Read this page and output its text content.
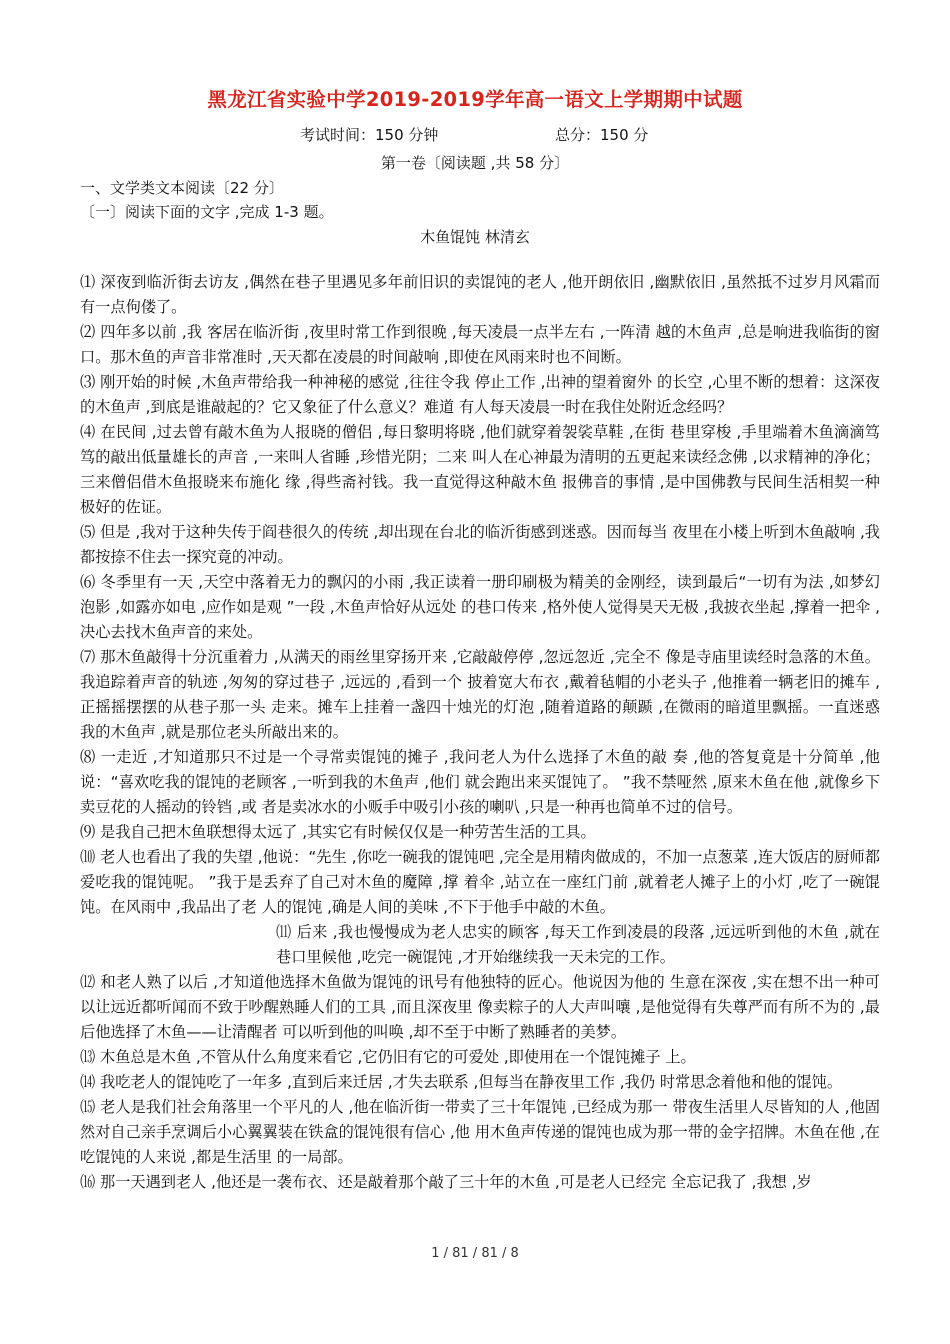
黑龙江省实验中学2019-2019学年高一语文上学期期中试题
考试时间：150 分钟	总分：150 分
第一卷〔阅读题 ,共 58 分〕
一、文学类文本阅读〔22 分〕
〔一〕阅读下面的文字 ,完成 1-3 题。
木鱼馄饨 林清玄

⑴ 深夜到临沂街去访友 ,偶然在巷子里遇见多年前旧识的卖馄饨的老人 ,他开朗依旧 ,幽默依旧 ,虽然抵不过岁月风霜而有一点佝偻了。

⑵ 四年多以前 ,我 客居在临沂街 ,夜里时常工作到很晚 ,每天凌晨一点半左右 ,一阵清 越的木鱼声 ,总是响进我临街的窗口。那木鱼的声音非常准时 ,天天都在凌晨的时间敲响 ,即使在风雨来时也不间断。

⑶ 刚开始的时候 ,木鱼声带给我一种神秘的感觉 ,往往令我 停止工作 ,出神的望着窗外 的长空 ,心里不断的想着：这深夜的木鱼声 ,到底是谁敲起的？它又象征了什么意义？难道 有人每天凌晨一时在我住处附近念经吗？

⑷ 在民间 ,过去曾有敲木鱼为人报晓的僧侣 ,每日黎明将晓 ,他们就穿着袈裟草鞋 ,在街 巷里穿梭 ,手里端着木鱼滴滴笃笃的敲出低量雄长的声音 ,一来叫人省睡 ,珍惜光阴；二来 叫人在心神最为清明的五更起来读经念佛 ,以求精神的净化；三来僧侣借木鱼报晓来布施化 缘 ,得些斋衬钱。我一直觉得这种敲木鱼 报佛音的事情 ,是中国佛教与民间生活相契一种 极好的佐证。

⑸ 但是 ,我对于这种失传于阎巷很久的传统 ,却出现在台北的临沂街感到迷惑。因而每当 夜里在小楼上听到木鱼敲响 ,我都按捺不住去一探究竟的冲动。

⑹ 冬季里有一天 ,天空中落着无力的飘闪的小雨 ,我正读着一册印刷极为精美的金刚经，读到最后“一切有为法 ,如梦幻泡影 ,如露亦如电 ,应作如是观 ”一段 ,木鱼声恰好从远处 的巷口传来 ,格外使人觉得昊天无极 ,我披衣坐起 ,撑着一把伞 ,决心去找木鱼声音的来处。

⑺ 那木鱼敲得十分沉重着力 ,从满天的雨丝里穿扬开来 ,它敲敲停停 ,忽远忽近 ,完全不 像是寺庙里读经时急落的木鱼。我追踪着声音的轨迹 ,匆匆的穿过巷子 ,远远的 ,看到一个 披着宽大布衣 ,戴着毡帽的小老头子 ,他推着一辆老旧的摊车 ,正摇摇摆摆的从巷子那一头 走来。摊车上挂着一盏四十烛光的灯泡 ,随着道路的颠踬 ,在微雨的暗道里飘摇。一直迷惑 我的木鱼声 ,就是那位老头所敲出来的。

⑻ 一走近 ,才知道那只不过是一个寻常卖馄饨的摊子 ,我问老人为什么选择了木鱼的敲 奏 ,他的答复竟是十分简单 ,他说：“喜欢吃我的馄饨的老顾客 ,一听到我的木鱼声 ,他们 就会跑出来买馄饨了。 ”我不禁哑然 ,原来木鱼在他 ,就像乡下卖豆花的人摇动的铃铛 ,或 者是卖冰水的小贩手中吸引小孩的喇叭 ,只是一种再也简单不过的信号。

⑼ 是我自己把木鱼联想得太远了 ,其实它有时候仅仅是一种劳苦生活的工具。

⑽ 老人也看出了我的失望 ,他说：“先生 ,你吃一碗我的馄饨吧 ,完全是用精肉做成的，不加一点葱菜 ,连大饭店的厨师都爱吃我的馄饨呢。 ”我于是丢弃了自己对木鱼的魔障 ,撑 着伞 ,站立在一座红门前 ,就着老人摊子上的小灯 ,吃了一碗馄饨。在风雨中 ,我品出了老 人的馄饨 ,确是人间的美味 ,不下于他手中敲的木鱼。

⑾ 后来 ,我也慢慢成为老人忠实的顾客 ,每天工作到凌晨的段落 ,远远听到他的木鱼 ,就在巷口里候他 ,吃完一碗馄饨 ,才开始继续我一天未完的工作。

⑿ 和老人熟了以后 ,才知道他选择木鱼做为馄饨的讯号有他独特的匠心。他说因为他的 生意在深夜 ,实在想不出一种可以让远近都听闻而不致于吵醒熟睡人们的工具 ,而且深夜里 像卖粽子的人大声叫嚷 ,是他觉得有失尊严而有所不为的 ,最后他选择了木鱼——让清醒者 可以听到他的叫唤 ,却不至于中断了熟睡者的美梦。

⒀ 木鱼总是木鱼 ,不管从什么角度来看它 ,它仍旧有它的可爱处 ,即使用在一个馄饨摊子 上。

⒁ 我吃老人的馄饨吃了一年多 ,直到后来迁居 ,才失去联系 ,但每当在静夜里工作 ,我仍 时常思念着他和他的馄饨。

⒂ 老人是我们社会角落里一个平凡的人 ,他在临沂街一带卖了三十年馄饨 ,已经成为那一 带夜生活里人尽皆知的人 ,他固然对自己亲手烹调后小心翼翼装在铁盒的馄饨很有信心 ,他 用木鱼声传递的馄饨也成为那一带的金字招牌。木鱼在他 ,在吃馄饨的人来说 ,都是生活里 的一局部。

⒃ 那一天遇到老人 ,他还是一袭布衣、还是敲着那个敲了三十年的木鱼 ,可是老人已经完 全忘记我了 ,我想 ,岁

1 / 81 / 81 / 8
